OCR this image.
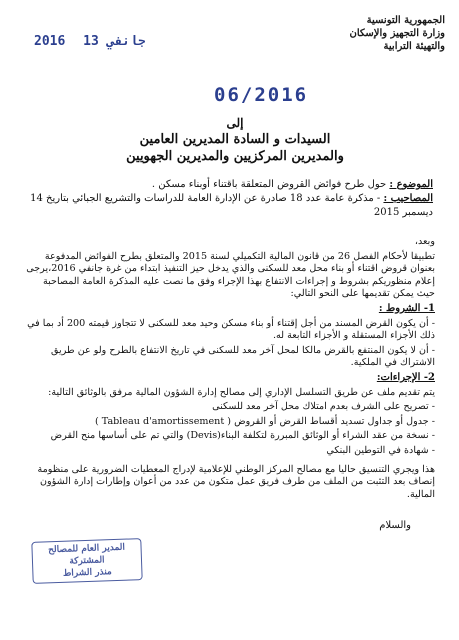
الجمهورية التونسية
وزارة التجهيز والإسكان
والتهيئة الترابية
2016 13 جانفي
06/2016
إلى
السيدات و السادة المديرين العامين
والمديرين المركزيين والمديرين الجهويين
الموضوع : حول طرح فوائض القروض المتعلقة باقتناء أوبناء مسكن .
المصاحيب : - مذكرة عامة عدد 18 صادرة عن الإدارة العامة للدراسات والتشريع الجبائي بتاريخ 14 ديسمبر 2015

وبعد،

تطبيقا لأحكام الفصل 26 من قانون المالية التكميلي لسنة 2015 والمتعلق بطرح الفوائض المدفوعة بعنوان قروض اقتناء أو بناء محل معد للسكنى والذي يدخل حيز التنفيذ ابتداء من غرة جانفي 2016،يرجى إعلام منظوريكم بشروط و إجراءات الانتفاع بهذا الإجراء وفق ما نصت عليه المذكرة العامة المصاحبة حيث يمكن تقديمها على النحو التالي:

1- الشروط :

- أن يكون القرض المسند من أجل إقتناء أو بناء مسكن وحيد معد للسكنى لا تتجاوز قيمته 200 أد بما في ذلك الأجزاء المستقلة و الأجزاء التابعة له.

- أن لا يكون المنتفع بالقرض مالكا لمحل آخر معد للسكنى في تاريخ الانتفاع بالطرح ولو عن طريق الاشتراك في الملكية.

2- الإجراءات:

يتم تقديم ملف عن طريق التسلسل الإداري إلى مصالح إدارة الشؤون المالية مرفق بالوثائق التالية:

- تصريح على الشرف بعدم امتلاك محل آخر معد للسكنى

- جدول أو جداول تسديد أقساط القرض أو القروض ( Tableau d'amortissement )

- نسخة من عقد الشراء أو الوثائق المبررة لتكلفة البناء(Devis) والتي تم على أساسها منح القرض

- شهادة في التوطين البنكي

هذا ويجري التنسيق حاليا مع مصالح المركز الوطني للإعلامية لإدراج المعطيات الضرورية على منظومة إنصاف بعد التثبت من الملف من طرف فريق عمل متكون من عدد من أعوان وإطارات إدارة الشؤون المالية.

والسلام
المدير العام للمصالح المشتركة
منذر الشراط
